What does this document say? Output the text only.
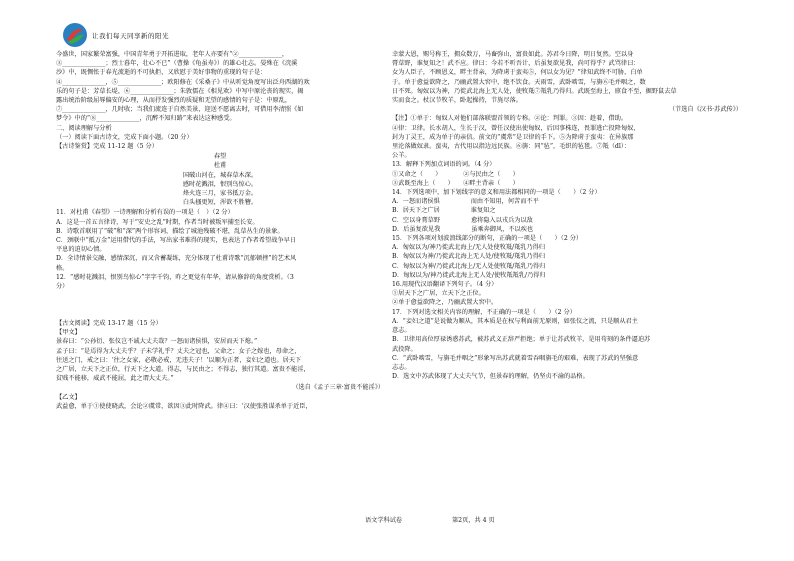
让我们每天同享新的阳光
今盛世，国家繁荣富强，中国青年勇于开拓进取，老年人亦要有“②______________，
③______________；烈士暮年，壮心不已”（曹操《龟虽寿》）的雄心壮志。晏殊在《浣溪
沙》中，既惆怅于春光流逝的不可执拒，又欣慰于美好事物的重现的句子是：
④______________，⑤______________；欧阳修在《采桑子》中从听觉角度写出泛舟西湖的欢
乐的句子是：芳草长堤，⑥______________；朱敦儒在《相见欢》中写中原沦丧的现实，揭
露出统治阶级屈辱偏安的心理，从而抒发强烈的质疑和无望的感情的句子是：中原乱，
⑦______________，几时收；当我们流连于自然美景，迎送不愿离去时，可借用李清照《如
梦令》中的“⑧______________，沉醉不知归路”来表达这种感受。
二、阅读理解与分析
（一）阅读下面古诗文，完成下面小题。（20 分）
【古诗鉴赏】完成 11-12 题（5 分）
春望
杜甫
国破山河在，城春草木深。
感时花溅泪，恨别鸟惊心。
烽火连三月，家书抵万金。
白头搔更短，浑欲不胜簪。
11．对杜甫《春望》一诗理解和分析有误的一项是（　）（2 分）
A．这是一首五言律诗，写于“安史之乱”时期，作者当时被叛军捕至长安。
B．诗歌首联用了“破”和“深”两个形容词，描绘了城池残破不堪，乱草丛生的景象。
C．颈联中“抵万金”运用借代的手法，写出家书难得的现实，也表达了作者希望战争早日
平息的迫切心情。
D．全诗情景交融，感情深沉，而又含蓄凝练，充分体现了杜甫诗歌“沉郁顿挫”的艺术风
格。
12．“感时花溅泪，恨别鸟惊心”字字千钧，昨之更觉有年华，请从修辞的角度赏析。（3
分）

【古文阅读】完成 13-17 题（15 分）
【甲文】
景春曰：“公孙衍、张仪岂不诚大丈夫哉？一怒而诸侯惧，安居而天下熄。”
孟子曰：“是焉得为大丈夫乎？子未学礼乎？丈夫之冠也，父命之；女子之嫁也，母命之，
往送之门，戒之曰：‘往之女家，必敬必戒，无违夫子！’以顺为正者，妾妇之道也。居天下
之广居，立天下之正位，行天下之大道。得志，与民由之；不得志，独行其道。富贵不能淫，
贫贱不能移，威武不能屈，此之谓大丈夫。”
（选自《孟子三章·富贵不能淫》）
【乙文】
武益愈，单于①使使晓武，会论②虞常，欲因③此时降武。律④曰：‘汉使张胜谋杀单于近臣，
幸蒙大恩，赐号称王，拥众数万，马畜弥山，富贵如此。苏君今日降，明日复然。空以身
膏草野，谁复知之！武不应。律曰：今若不听吾计，后虽复欲见我，尚可得乎？武骂律曰：
女为人臣子，不顾恩义，畔主背亲，为降虏于蛮夷⑤，何以女为见？”律知武终不可胁，白单
于。单于愈益欲降之，乃幽武置大窖中，绝不饮食。天雨雪，武卧啮雪，与旃⑥毛并咽之，数
日不死。匈奴以为神，乃徙武北海上无人处，使牧羝⑦羝乳乃得归。武既至海上，廪食不至，掘野鼠去草
实而食之。杖汉节牧羊，卧起操持，节旄尽落。
（节选自《汉书·苏武传》）
【注】①单于：匈奴人对他们部落联盟首领的专称。②论：判罪。③因：趁着，借助。
④律：卫律。长水胡人，生长于汉，曾任汉使出使匈奴，后因事株连，畏罪逃亡投降匈奴，
封为丁灵王，成为单于的亲信。前文的“虞常”是卫律的手下。⑤为降虏于蛮夷：在异族那
里沦落做奴隶。蛮夷，古代用以指边远民族。⑥旃：同“毡”，毛织的毡毯。⑦羝（dī）：
公羊。
13．解释下列加点词语的词。（4 分）
①又命之（　　）　　　　②与民由之（　　）
③武既至海上（　　）　　④畔主背亲（　　）
14．下列选项中，加下划线字的意义和用法都相同的一项是（　　）（2 分）
A．一怒而诸侯惧　　　　　而由不知用，何苦而不平
B．居天下之广居　　　　　谁复知之
C．空以身膏草野　　　　　愈将隐入以戎兵为以敌
D．后虽复欲见我　　　　　虽乘奔御风，不以疾也
15．下列各项对划波浪线部分的断句，正确的一项是（　　）（2 分）
A．匈奴以为/神乃徙武北海上/无人处使牧羝/羝乳乃得归
B．匈奴以为神/乃徙武北海上无人处/使牧羝/羝乳乃得归
C．匈奴以为神/乃徙武北海上/无人处使牧羝/羝乳乃得归
D．匈奴以为/神乃徙武北海上无人处/使牧羝羝乳/乃得归
16.用现代汉语翻译下列句子。（4 分）
①居天下之广居，立天下之正位。
②单于愈益欲降之，乃幽武置大窖中。
17．下列对选文相关内容的理解，不正确的一项是（　　）（2 分）
A．“妾妇之道”是说做为顺从，其本质是在权与利面前无原则，如张仪之流，只是顺从君主
意志。
B．卫律用高位厚禄诱惑苏武，被苏武义正辞严拒绝；单于让苏武牧羊，是用苟刻的条件逼迫苏
武投降。
C．“武卧啮雪，与旃毛并咽之”形象写出苏武就着雪吞咽旃毛的艰难，表现了苏武的坚强意
志志。
D．选文中苏武体现了大丈夫气节，但景春的理解，仍坚贞不渝的品格。
语文学科试卷	第2页，共 4 页
